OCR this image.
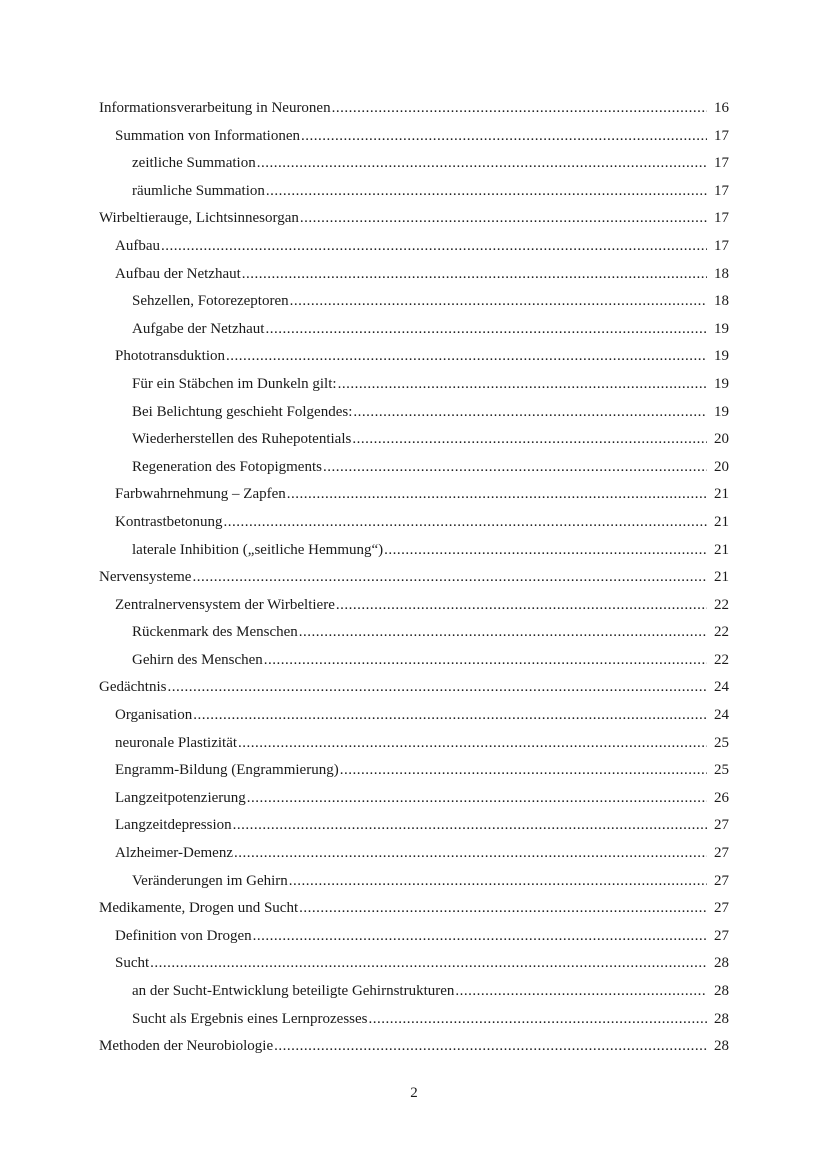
Informationsverarbeitung in Neuronen .....	16
Summation von Informationen .....	17
zeitliche Summation .....	17
räumliche Summation .....	17
Wirbeltierauge, Lichtsinnesorgan .....	17
Aufbau .....	17
Aufbau der Netzhaut .....	18
Sehzellen, Fotorezeptoren .....	18
Aufgabe der Netzhaut .....	19
Phototransduktion .....	19
Für ein Stäbchen im Dunkeln gilt: .....	19
Bei Belichtung geschieht Folgendes: .....	19
Wiederherstellen des Ruhepotentials .....	20
Regeneration des Fotopigments .....	20
Farbwahrnehmung – Zapfen .....	21
Kontrastbetonung .....	21
laterale Inhibition („seitliche Hemmung“) .....	21
Nervensysteme .....	21
Zentralnervensystem der Wirbeltiere .....	22
Rückenmark des Menschen .....	22
Gehirn des Menschen .....	22
Gedächtnis .....	24
Organisation .....	24
neuronale Plastizität .....	25
Engramm-Bildung (Engrammierung) .....	25
Langzeitpotenzierung .....	26
Langzeitdepression .....	27
Alzheimer-Demenz .....	27
Veränderungen im Gehirn .....	27
Medikamente, Drogen und Sucht .....	27
Definition von Drogen .....	27
Sucht .....	28
an der Sucht-Entwicklung beteiligte Gehirnstrukturen .....	28
Sucht als Ergebnis eines Lernprozesses .....	28
Methoden der Neurobiologie .....	28
2
